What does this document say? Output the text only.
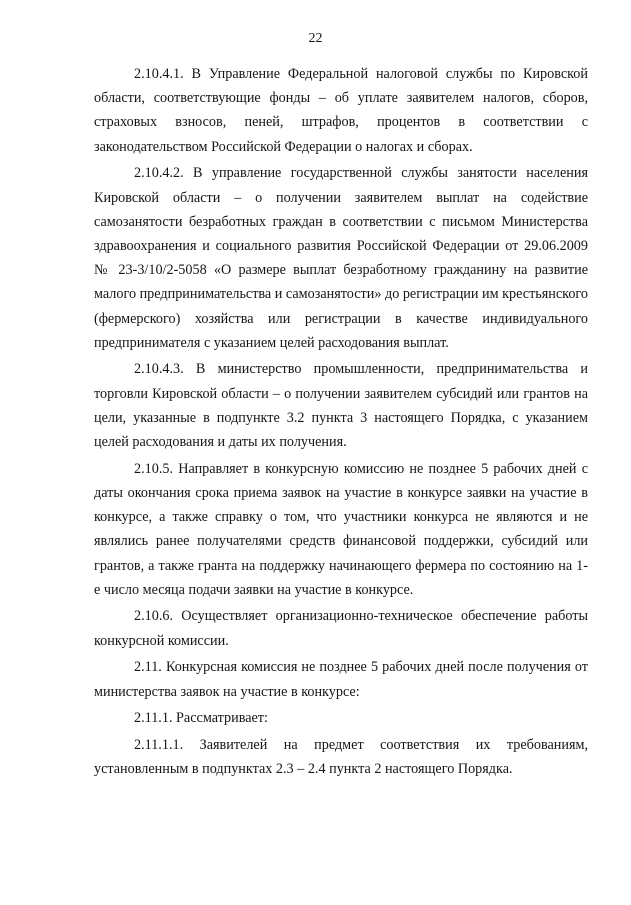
22

2.10.4.1. В Управление Федеральной налоговой службы по Кировской области, соответствующие фонды – об уплате заявителем налогов, сборов, страховых взносов, пеней, штрафов, процентов в соответствии с законодательством Российской Федерации о налогах и сборах.

2.10.4.2. В управление государственной службы занятости населения Кировской области – о получении заявителем выплат на содействие самозанятости безработных граждан в соответствии с письмом Министерства здравоохранения и социального развития Российской Федерации от 29.06.2009 № 23-3/10/2-5058 «О размере выплат безработному гражданину на развитие малого предпринимательства и самозанятости» до регистрации им крестьянского (фермерского) хозяйства или регистрации в качестве индивидуального предпринимателя с указанием целей расходования выплат.

2.10.4.3. В министерство промышленности, предпринимательства и торговли Кировской области – о получении заявителем субсидий или грантов на цели, указанные в подпункте 3.2 пункта 3 настоящего Порядка, с указанием целей расходования и даты их получения.

2.10.5. Направляет в конкурсную комиссию не позднее 5 рабочих дней с даты окончания срока приема заявок на участие в конкурсе заявки на участие в конкурсе, а также справку о том, что участники конкурса не являются и не являлись ранее получателями средств финансовой поддержки, субсидий или грантов, а также гранта на поддержку начинающего фермера по состоянию на 1-е число месяца подачи заявки на участие в конкурсе.

2.10.6. Осуществляет организационно-техническое обеспечение работы конкурсной комиссии.

2.11. Конкурсная комиссия не позднее 5 рабочих дней после получения от министерства заявок на участие в конкурсе:

2.11.1. Рассматривает:

2.11.1.1. Заявителей на предмет соответствия их требованиям, установленным в подпунктах 2.3 – 2.4 пункта 2 настоящего Порядка.
